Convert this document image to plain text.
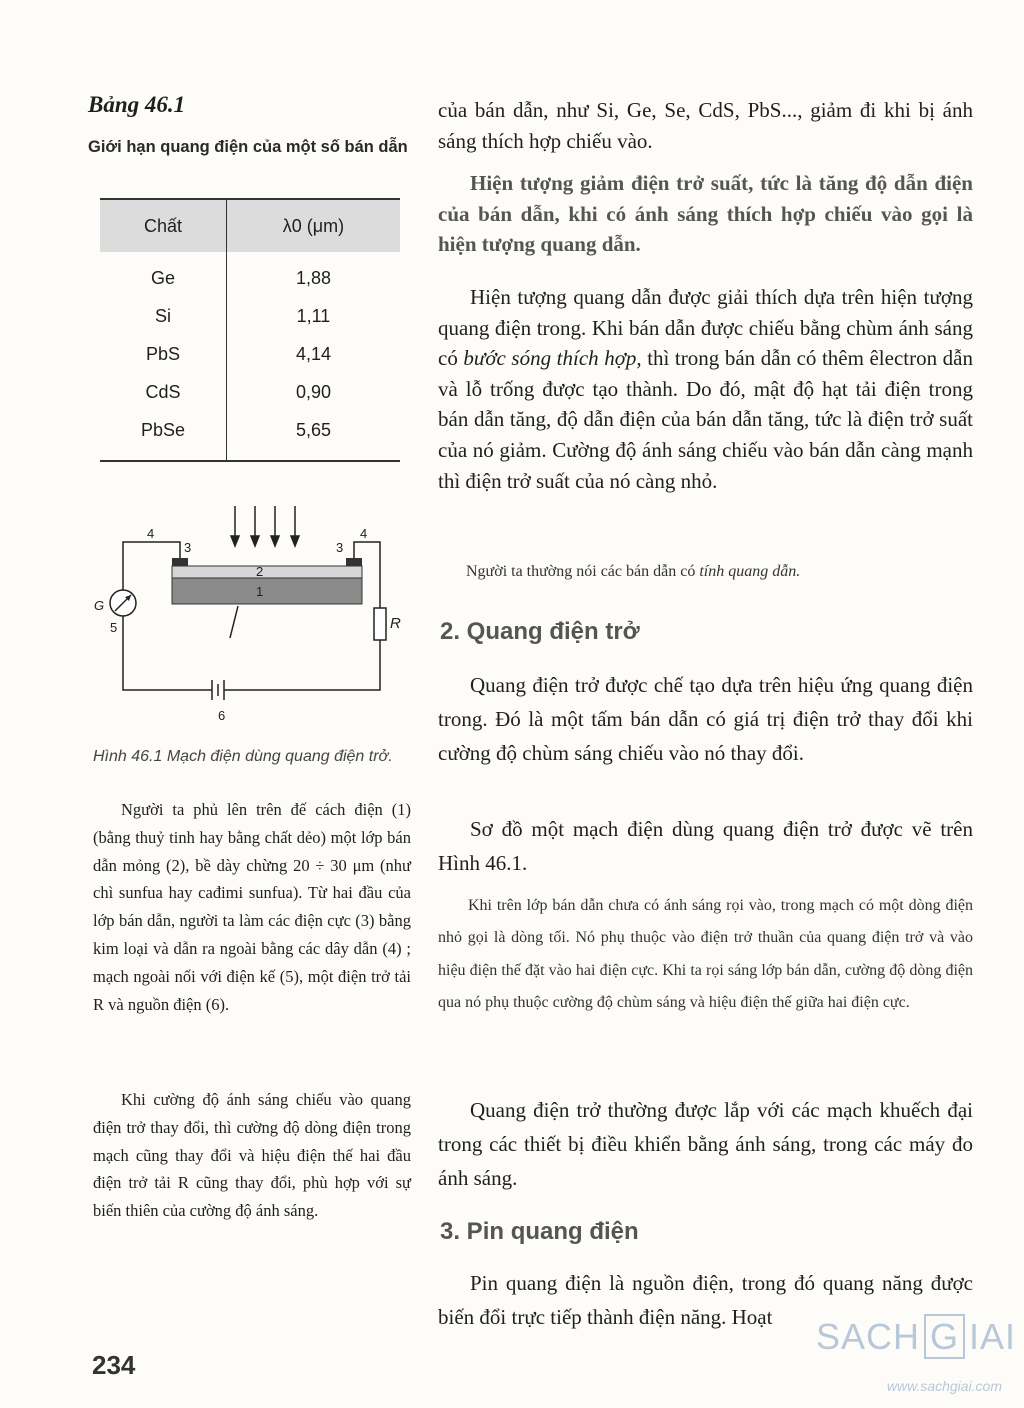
Bảng 46.1
Giới hạn quang điện của một số bán dẫn
Chất	λ0 (μm)
Ge	1,88
Si	1,11
PbS	4,14
CdS	0,90
PbSe	5,65
4
3	3
4
2
1
G
5	R
6
Hình 46.1 Mạch điện dùng quang điện trở.

Người ta phủ lên trên đế cách điện (1) (bằng thuỷ tinh hay bằng chất dẻo) một lớp bán dẫn mỏng (2), bề dày chừng 20 ÷ 30 μm (như chì sunfua hay cađimi sunfua). Từ hai đầu của lớp bán dẫn, người ta làm các điện cực (3) bằng kim loại và dẫn ra ngoài bằng các dây dẫn (4) ; mạch ngoài nối với điện kế (5), một điện trở tải R và nguồn điện (6).

Khi cường độ ánh sáng chiếu vào quang điện trở thay đổi, thì cường độ dòng điện trong mạch cũng thay đổi và hiệu điện thế hai đầu điện trở tải R cũng thay đổi, phù hợp với sự biến thiên của cường độ ánh sáng.

của bán dẫn, như Si, Ge, Se, CdS, PbS..., giảm đi khi bị ánh sáng thích hợp chiếu vào.

Hiện tượng giảm điện trở suất, tức là tăng độ dẫn điện của bán dẫn, khi có ánh sáng thích hợp chiếu vào gọi là hiện tượng quang dẫn.

Hiện tượng quang dẫn được giải thích dựa trên hiện tượng quang điện trong. Khi bán dẫn được chiếu bằng chùm ánh sáng có bước sóng thích hợp, thì trong bán dẫn có thêm êlectron dẫn và lỗ trống được tạo thành. Do đó, mật độ hạt tải điện trong bán dẫn tăng, độ dẫn điện của bán dẫn tăng, tức là điện trở suất của nó giảm. Cường độ ánh sáng chiếu vào bán dẫn càng mạnh thì điện trở suất của nó càng nhỏ.

Người ta thường nói các bán dẫn có tính quang dẫn.

2. Quang điện trở

Quang điện trở được chế tạo dựa trên hiệu ứng quang điện trong. Đó là một tấm bán dẫn có giá trị điện trở thay đổi khi cường độ chùm sáng chiếu vào nó thay đổi.

Sơ đồ một mạch điện dùng quang điện trở được vẽ trên Hình 46.1.

Khi trên lớp bán dẫn chưa có ánh sáng rọi vào, trong mạch có một dòng điện nhỏ gọi là dòng tối. Nó phụ thuộc vào điện trở thuần của quang điện trở và vào hiệu điện thế đặt vào hai điện cực. Khi ta rọi sáng lớp bán dẫn, cường độ dòng điện qua nó phụ thuộc cường độ chùm sáng và hiệu điện thế giữa hai điện cực.

Quang điện trở thường được lắp với các mạch khuếch đại trong các thiết bị điều khiển bằng ánh sáng, trong các máy đo ánh sáng.

3. Pin quang điện

Pin quang điện là nguồn điện, trong đó quang năng được biến đổi trực tiếp thành điện năng. Hoạt

234
SACH G IAI
www.sachgiai.com
